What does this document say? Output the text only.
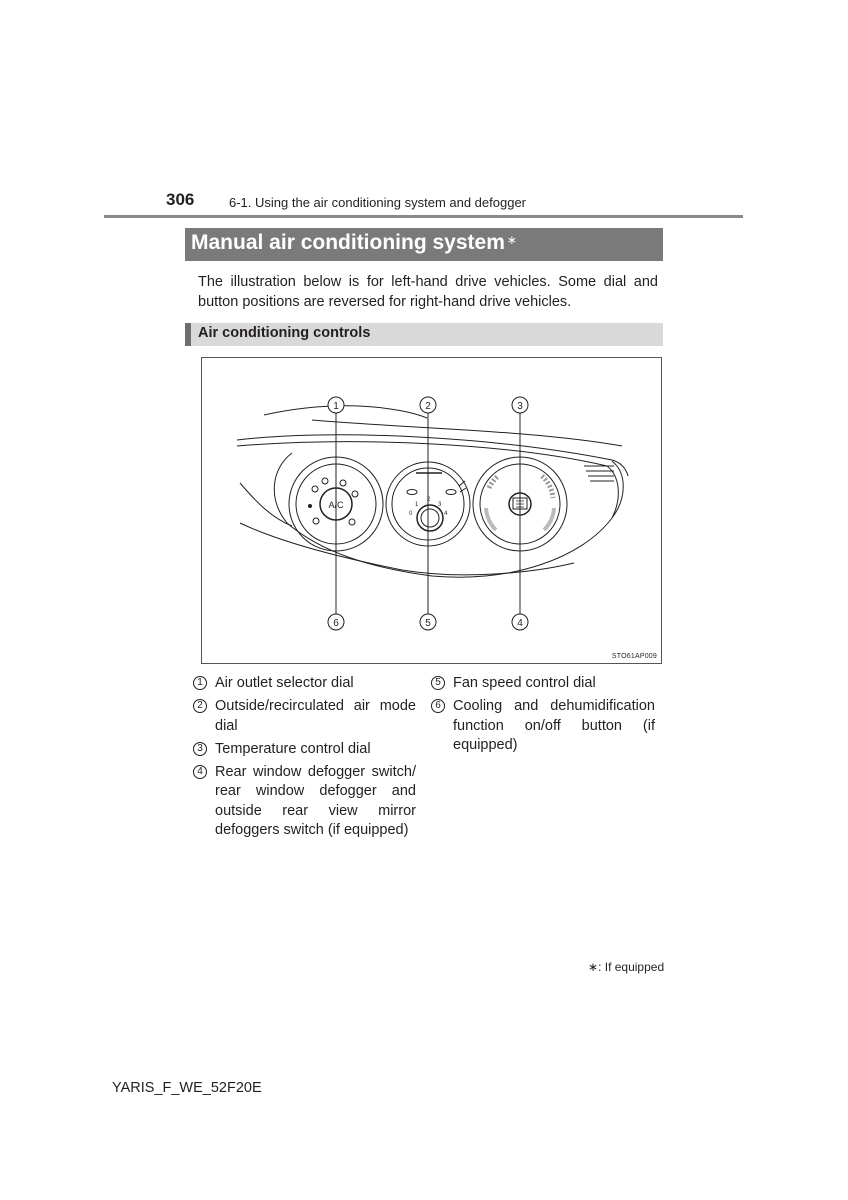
306	6-1. Using the air conditioning system and defogger
Manual air conditioning system ∗
The illustration below is for left-hand drive vehicles. Some dial and button positions are reversed for right-hand drive vehicles.
Air conditioning controls
A/C
0
1
2
3
4
1	2	3
4
5
6
STO61AP009
1 Air outlet selector dial
2 Outside/recirculated air mode dial
3 Temperature control dial
4 Rear window defogger switch/ rear window defogger and outside rear view mirror defoggers switch (if equipped)
5 Fan speed control dial
6 Cooling and dehumidification function on/off button (if equipped)
∗: If equipped
YARIS_F_WE_52F20E
